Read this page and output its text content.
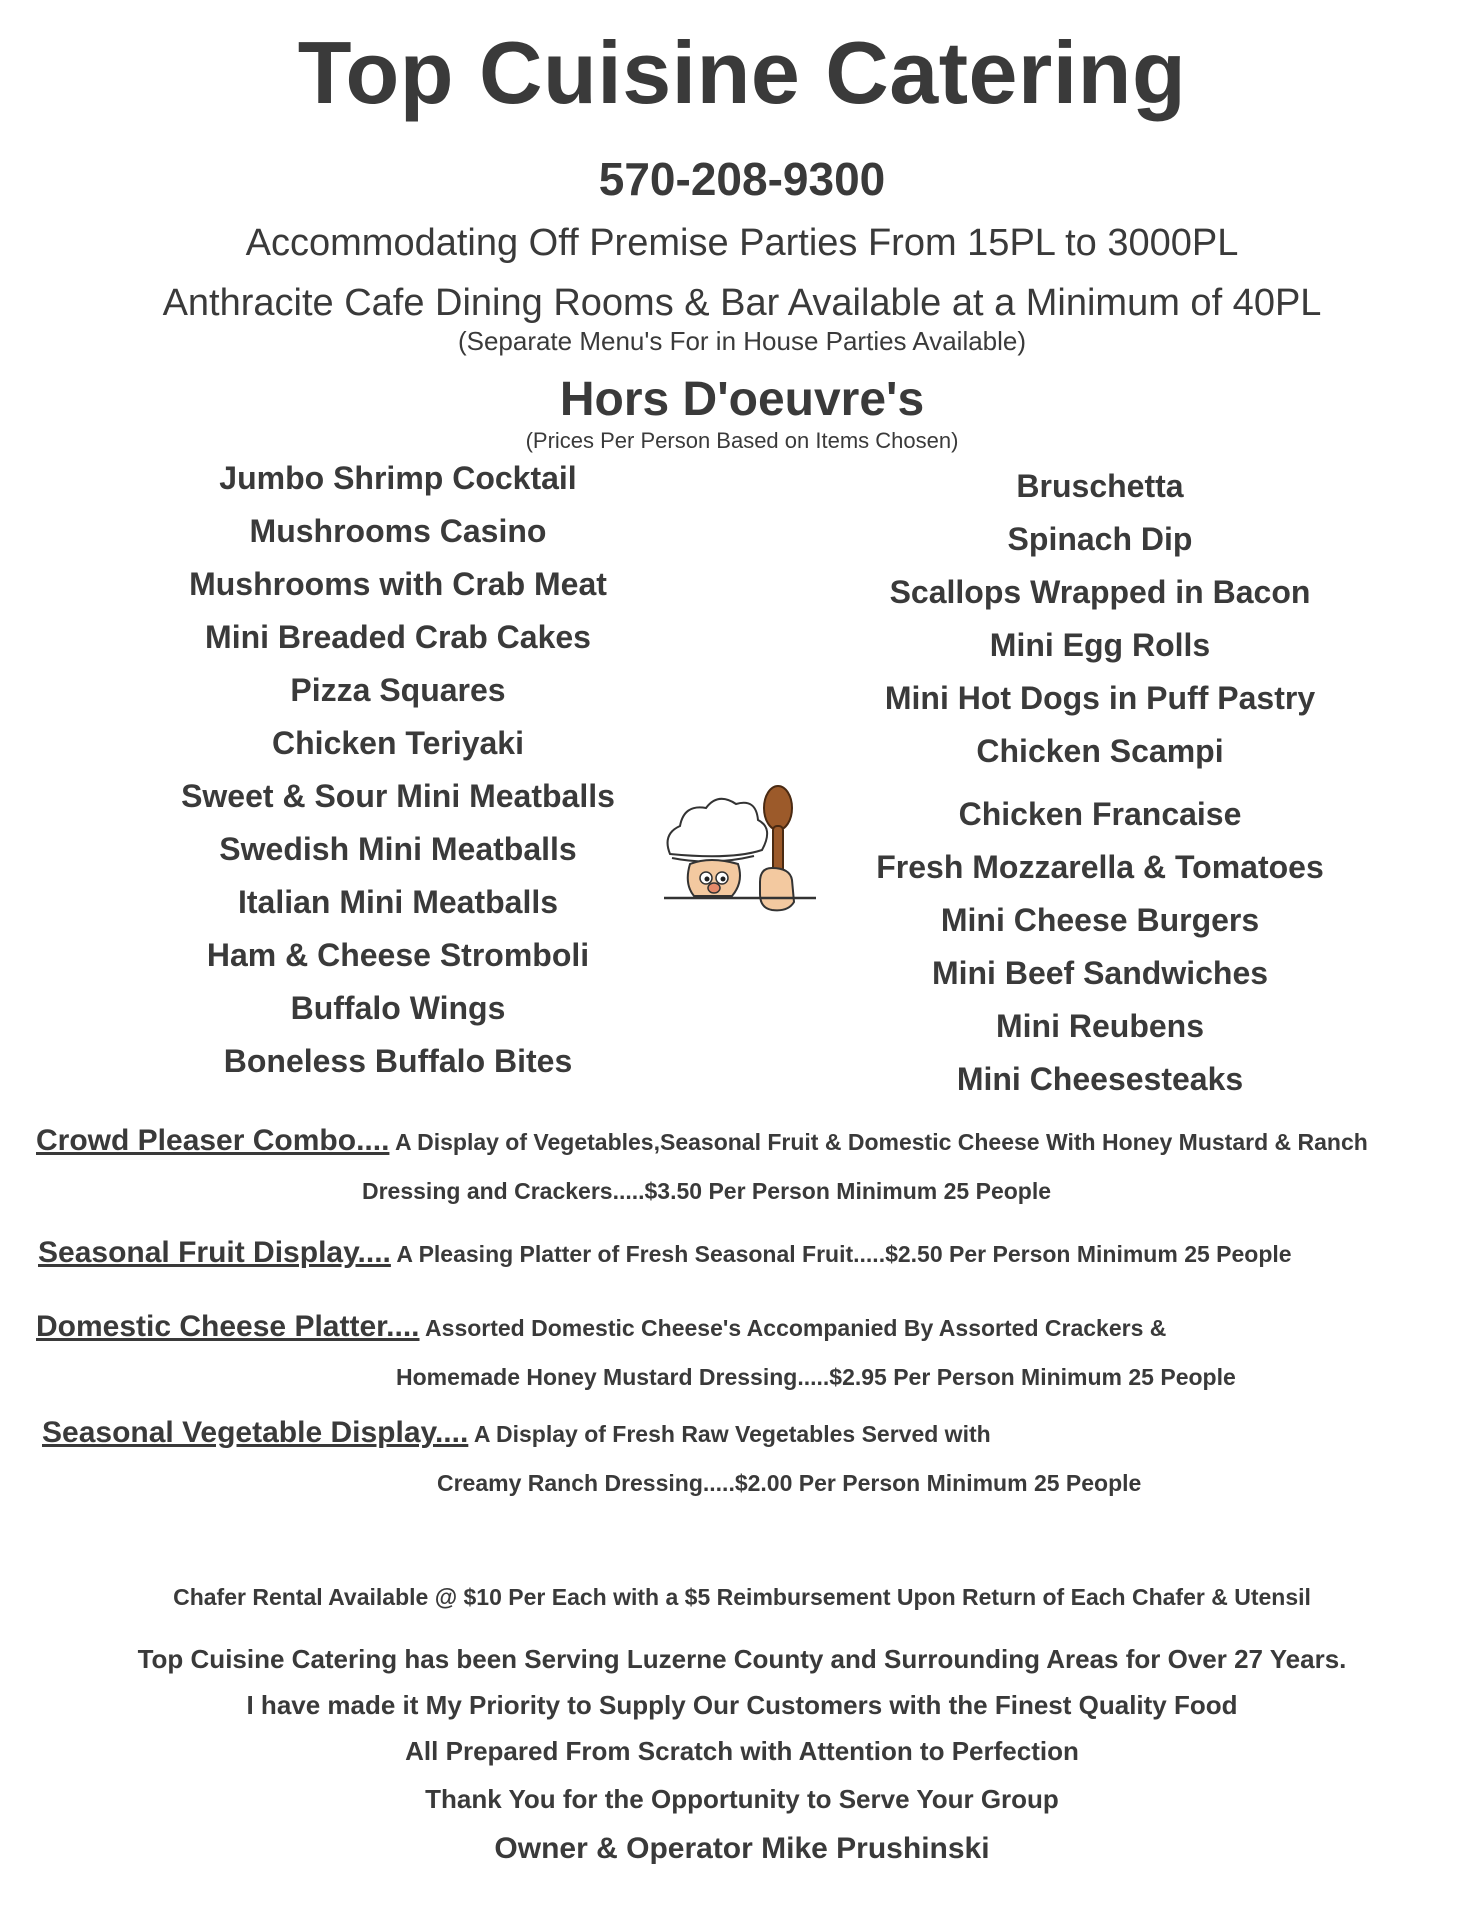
Top Cuisine Catering
570-208-9300
Accommodating Off Premise Parties From 15PL to 3000PL
Anthracite Cafe Dining Rooms & Bar Available at a Minimum of 40PL
(Separate Menu's For in House Parties Available)
Hors D'oeuvre's
(Prices Per Person Based on Items Chosen)
Jumbo Shrimp Cocktail
Mushrooms Casino
Mushrooms with Crab Meat
Mini Breaded Crab Cakes
Pizza Squares
Chicken Teriyaki
Sweet & Sour Mini Meatballs
Swedish Mini Meatballs
Italian Mini Meatballs
Ham & Cheese Stromboli
Buffalo Wings
Boneless Buffalo Bites
Bruschetta
Spinach Dip
Scallops Wrapped in Bacon
Mini Egg Rolls
Mini Hot Dogs in Puff Pastry
Chicken Scampi
Chicken Francaise
Fresh Mozzarella & Tomatoes
Mini Cheese Burgers
Mini Beef Sandwiches
Mini Reubens
Mini Cheesesteaks
Crowd Pleaser Combo.... A Display of Vegetables,Seasonal Fruit & Domestic Cheese With Honey Mustard & Ranch
Dressing and Crackers.....$3.50 Per Person Minimum 25 People
Seasonal Fruit Display.... A Pleasing Platter of Fresh Seasonal Fruit.....$2.50 Per Person Minimum 25 People
Domestic Cheese Platter.... Assorted Domestic Cheese's Accompanied By Assorted Crackers &
Homemade Honey Mustard Dressing.....$2.95 Per Person Minimum 25 People
Seasonal Vegetable Display.... A Display of Fresh Raw Vegetables Served with
Creamy Ranch Dressing.....$2.00 Per Person Minimum 25 People
Chafer Rental Available @ $10 Per Each with a $5 Reimbursement Upon Return of Each Chafer & Utensil
Top Cuisine Catering has been Serving Luzerne County and Surrounding Areas for Over 27 Years.
I have made it My Priority to Supply Our Customers with the Finest Quality Food
All Prepared From Scratch with Attention to Perfection
Thank You for the Opportunity to Serve Your Group
Owner & Operator Mike Prushinski
